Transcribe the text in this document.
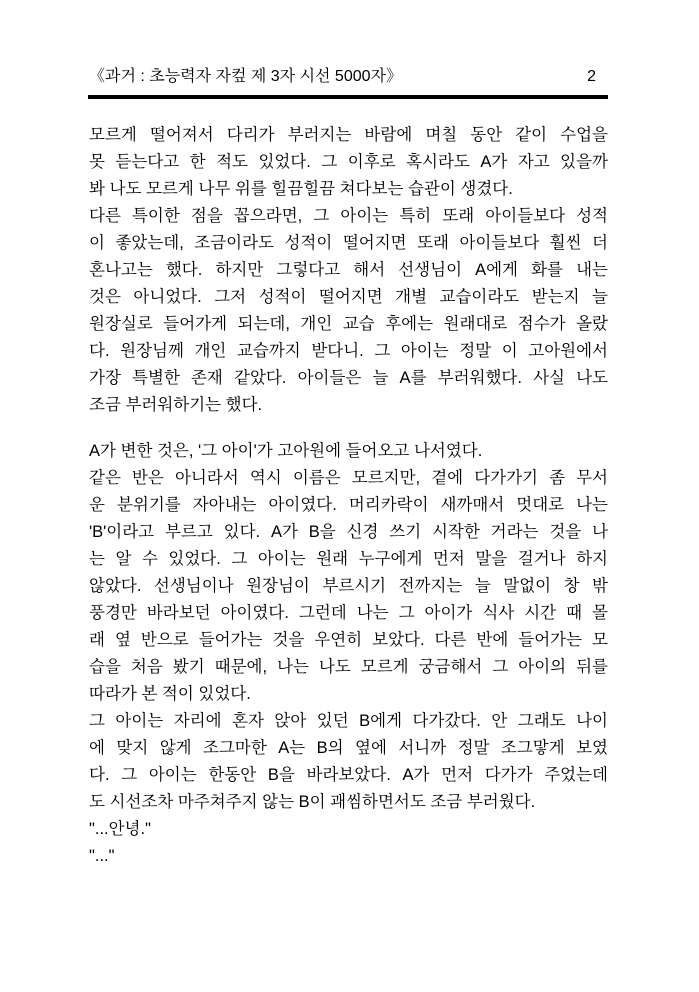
《과거 : 초능력자 자컾 제 3자 시선 5000자》	2
모르게 떨어져서 다리가 부러지는 바람에 며칠 동안 같이 수업을
못 듣는다고 한 적도 있었다. 그 이후로 혹시라도 A가 자고 있을까
봐 나도 모르게 나무 위를 힐끔힐끔 쳐다보는 습관이 생겼다.
다른 특이한 점을 꼽으라면, 그 아이는 특히 또래 아이들보다 성적
이 좋았는데, 조금이라도 성적이 떨어지면 또래 아이들보다 훨씬 더
혼나고는 했다. 하지만 그렇다고 해서 선생님이 A에게 화를 내는
것은 아니었다. 그저 성적이 떨어지면 개별 교습이라도 받는지 늘
원장실로 들어가게 되는데, 개인 교습 후에는 원래대로 점수가 올랐
다. 원장님께 개인 교습까지 받다니. 그 아이는 정말 이 고아원에서
가장 특별한 존재 같았다. 아이들은 늘 A를 부러워했다. 사실 나도
조금 부러워하기는 했다.
A가 변한 것은, '그 아이'가 고아원에 들어오고 나서였다.
같은 반은 아니라서 역시 이름은 모르지만, 곁에 다가가기 좀 무서
운 분위기를 자아내는 아이였다. 머리카락이 새까매서 멋대로 나는
'B'이라고 부르고 있다. A가 B을 신경 쓰기 시작한 거라는 것을 나
는 알 수 있었다. 그 아이는 원래 누구에게 먼저 말을 걸거나 하지
않았다. 선생님이나 원장님이 부르시기 전까지는 늘 말없이 창 밖
풍경만 바라보던 아이였다. 그런데 나는 그 아이가 식사 시간 때 몰
래 옆 반으로 들어가는 것을 우연히 보았다. 다른 반에 들어가는 모
습을 처음 봤기 때문에, 나는 나도 모르게 궁금해서 그 아이의 뒤를
따라가 본 적이 있었다.
그 아이는 자리에 혼자 앉아 있던 B에게 다가갔다. 안 그래도 나이
에 맞지 않게 조그마한 A는 B의 옆에 서니까 정말 조그맣게 보였
다. 그 아이는 한동안 B을 바라보았다. A가 먼저 다가가 주었는데
도 시선조차 마주쳐주지 않는 B이 괘씸하면서도 조금 부러웠다.
"...안녕."
"..."
